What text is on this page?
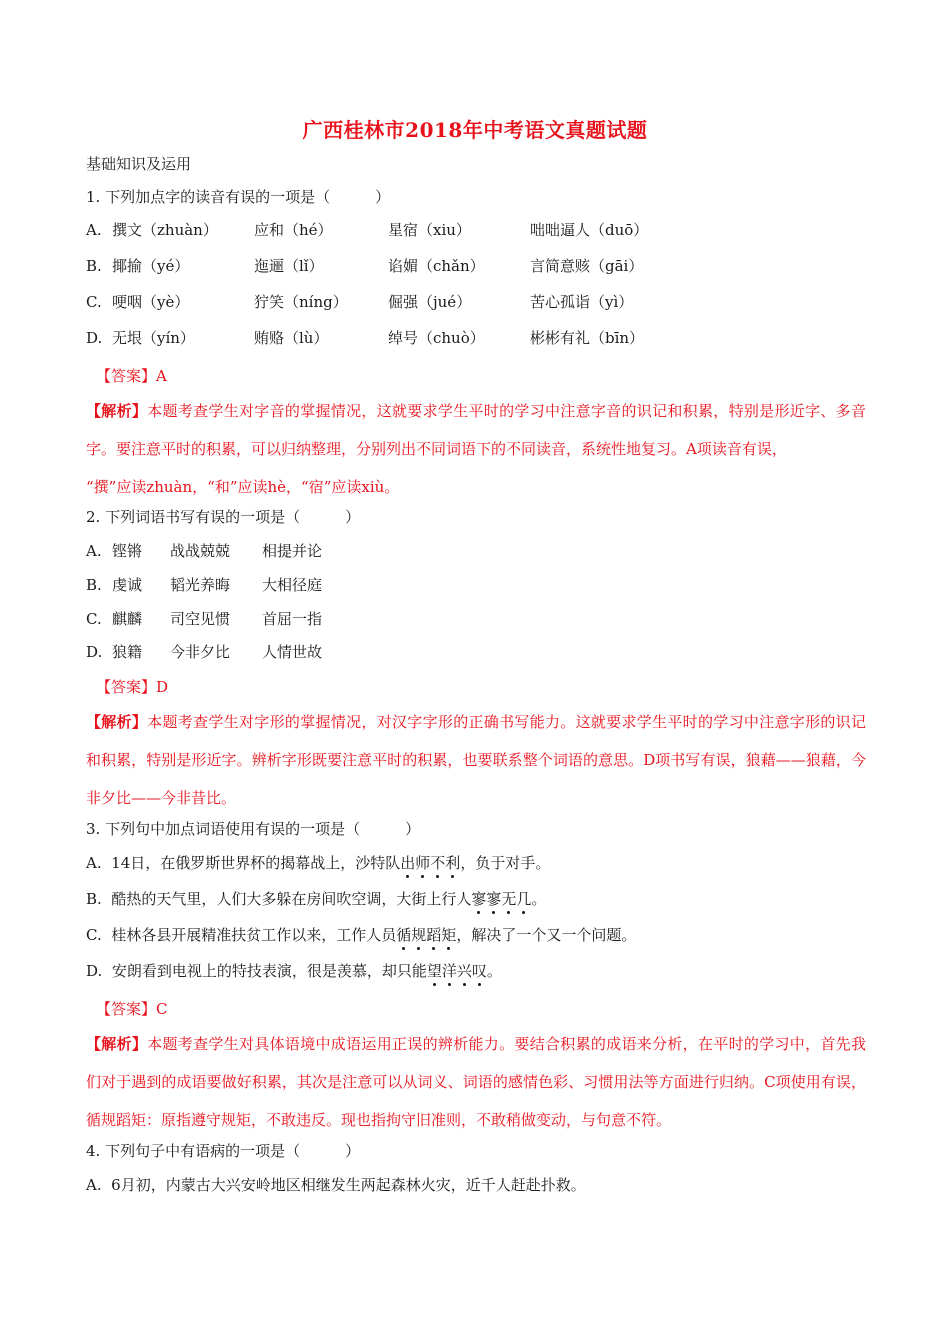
广西桂林市2018年中考语文真题试题
基础知识及运用
1. 下列加点字的读音有误的一项是（　　　）
A. 撰文（zhuàn） 应和（hé）	星宿（xiu）	咄咄逼人（duō）
B. 揶揄（yé）	迤逦（lǐ）	谄媚（chǎn）	言简意赅（gāi）
C. 哽咽（yè）	狞笑（níng）	倔强（jué）	苦心孤诣（yì）
D. 无垠（yín）	贿赂（lù）	绰号（chuò）	彬彬有礼（bīn）
【答案】A
【解析】本题考查学生对字音的掌握情况，这就要求学生平时的学习中注意字音的识记和积累，特别是形近字、多音字。要注意平时的积累，可以归纳整理，分别列出不同词语下的不同读音，系统性地复习。A项读音有误，
“撰”应读zhuàn，“和”应读hè，“宿”应读xiù。
2. 下列词语书写有误的一项是（　　　）
A. 铿锵 战战兢兢 相提并论
B. 虔诚 韬光养晦 大相径庭
C. 麒麟 司空见惯 首屈一指
D. 狼籍 今非夕比 人情世故
【答案】D
【解析】本题考查学生对字形的掌握情况，对汉字字形的正确书写能力。这就要求学生平时的学习中注意字形的识记和积累，特别是形近字。辨析字形既要注意平时的积累，也要联系整个词语的意思。D项书写有误，狼藉——狼藉，今非夕比——今非昔比。
3. 下列句中加点词语使用有误的一项是（　　　）
A. 14日，在俄罗斯世界杯的揭幕战上，沙特队出师不利，负于对手。
B. 酷热的天气里，人们大多躲在房间吹空调，大街上行人寥寥无几。
C. 桂林各县开展精准扶贫工作以来，工作人员循规蹈矩，解决了一个又一个问题。
D. 安朗看到电视上的特技表演，很是羡慕，却只能望洋兴叹。
【答案】C
【解析】本题考查学生对具体语境中成语运用正误的辨析能力。要结合积累的成语来分析，在平时的学习中，首先我们对于遇到的成语要做好积累，其次是注意可以从词义、词语的感情色彩、习惯用法等方面进行归纳。C项使用有误，循规蹈矩：原指遵守规矩，不敢违反。现也指拘守旧准则，不敢稍做变动，与句意不符。
4. 下列句子中有语病的一项是（　　　）
A. 6月初，内蒙古大兴安岭地区相继发生两起森林火灾，近千人赶赴扑救。
